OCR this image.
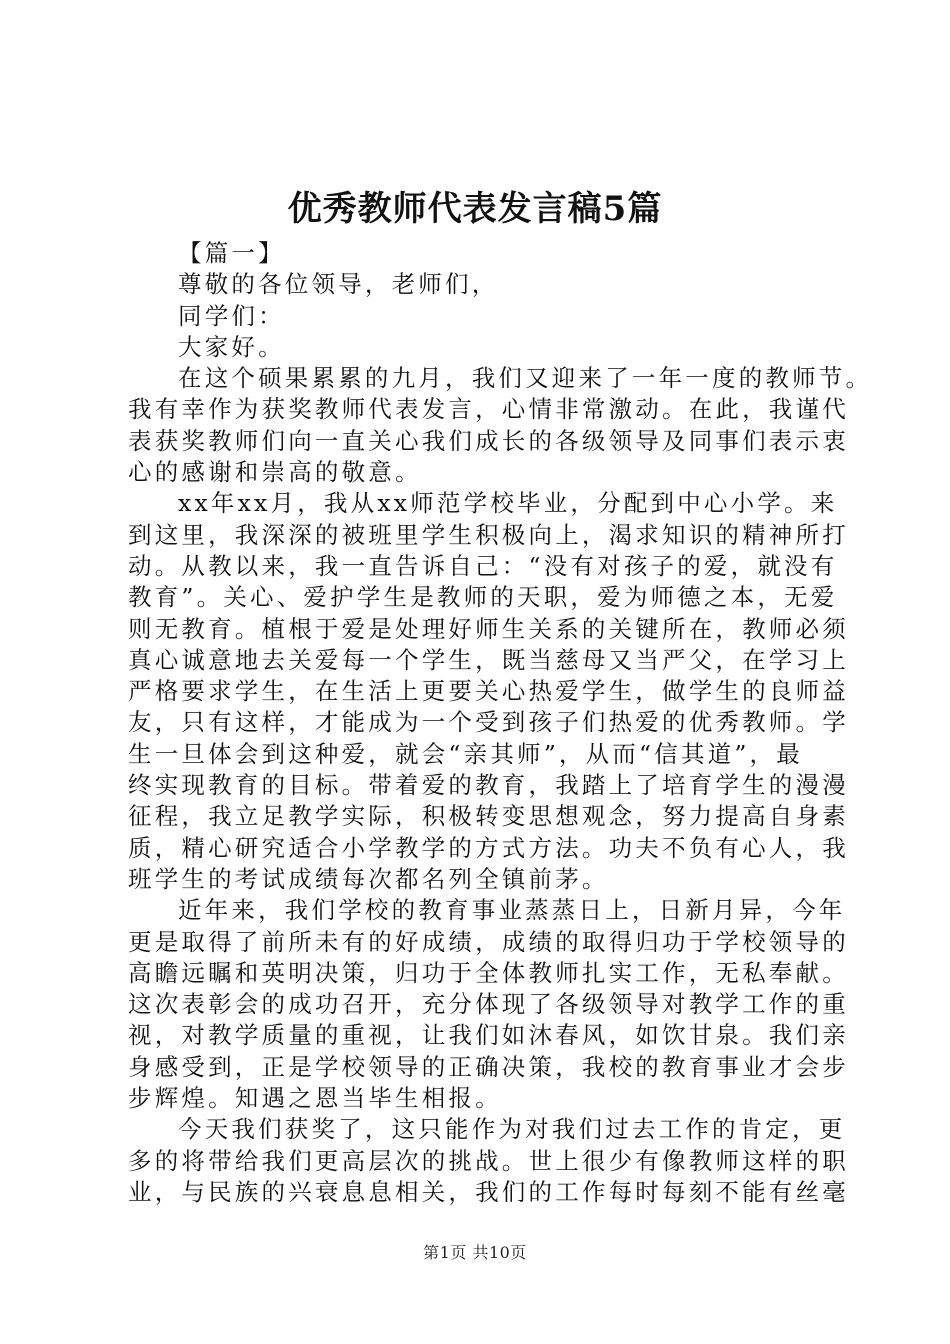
优秀教师代表发言稿5篇
【篇一】
尊敬的各位领导，老师们，
同学们：
大家好。
在这个硕果累累的九月，我们又迎来了一年一度的教师节。
我有幸作为获奖教师代表发言，心情非常激动。在此，我谨代
表获奖教师们向一直关心我们成长的各级领导及同事们表示衷
心的感谢和崇高的敬意。
xx年xx月，我从xx师范学校毕业，分配到中心小学。来
到这里，我深深的被班里学生积极向上，渴求知识的精神所打
动。从教以来，我一直告诉自己：“没有对孩子的爱，就没有
教育”。关心、爱护学生是教师的天职，爱为师德之本，无爱
则无教育。植根于爱是处理好师生关系的关键所在，教师必须
真心诚意地去关爱每一个学生，既当慈母又当严父，在学习上
严格要求学生，在生活上更要关心热爱学生，做学生的良师益
友，只有这样，才能成为一个受到孩子们热爱的优秀教师。学
生一旦体会到这种爱，就会“亲其师”，从而“信其道”，最
终实现教育的目标。带着爱的教育，我踏上了培育学生的漫漫
征程，我立足教学实际，积极转变思想观念，努力提高自身素
质，精心研究适合小学教学的方式方法。功夫不负有心人，我
班学生的考试成绩每次都名列全镇前茅。
近年来，我们学校的教育事业蒸蒸日上，日新月异，今年
更是取得了前所未有的好成绩，成绩的取得归功于学校领导的
高瞻远瞩和英明决策，归功于全体教师扎实工作，无私奉献。
这次表彰会的成功召开，充分体现了各级领导对教学工作的重
视，对教学质量的重视，让我们如沐春风，如饮甘泉。我们亲
身感受到，正是学校领导的正确决策，我校的教育事业才会步
步辉煌。知遇之恩当毕生相报。
今天我们获奖了，这只能作为对我们过去工作的肯定，更
多的将带给我们更高层次的挑战。世上很少有像教师这样的职
业，与民族的兴衰息息相关，我们的工作每时每刻不能有丝毫
第1页 共10页
